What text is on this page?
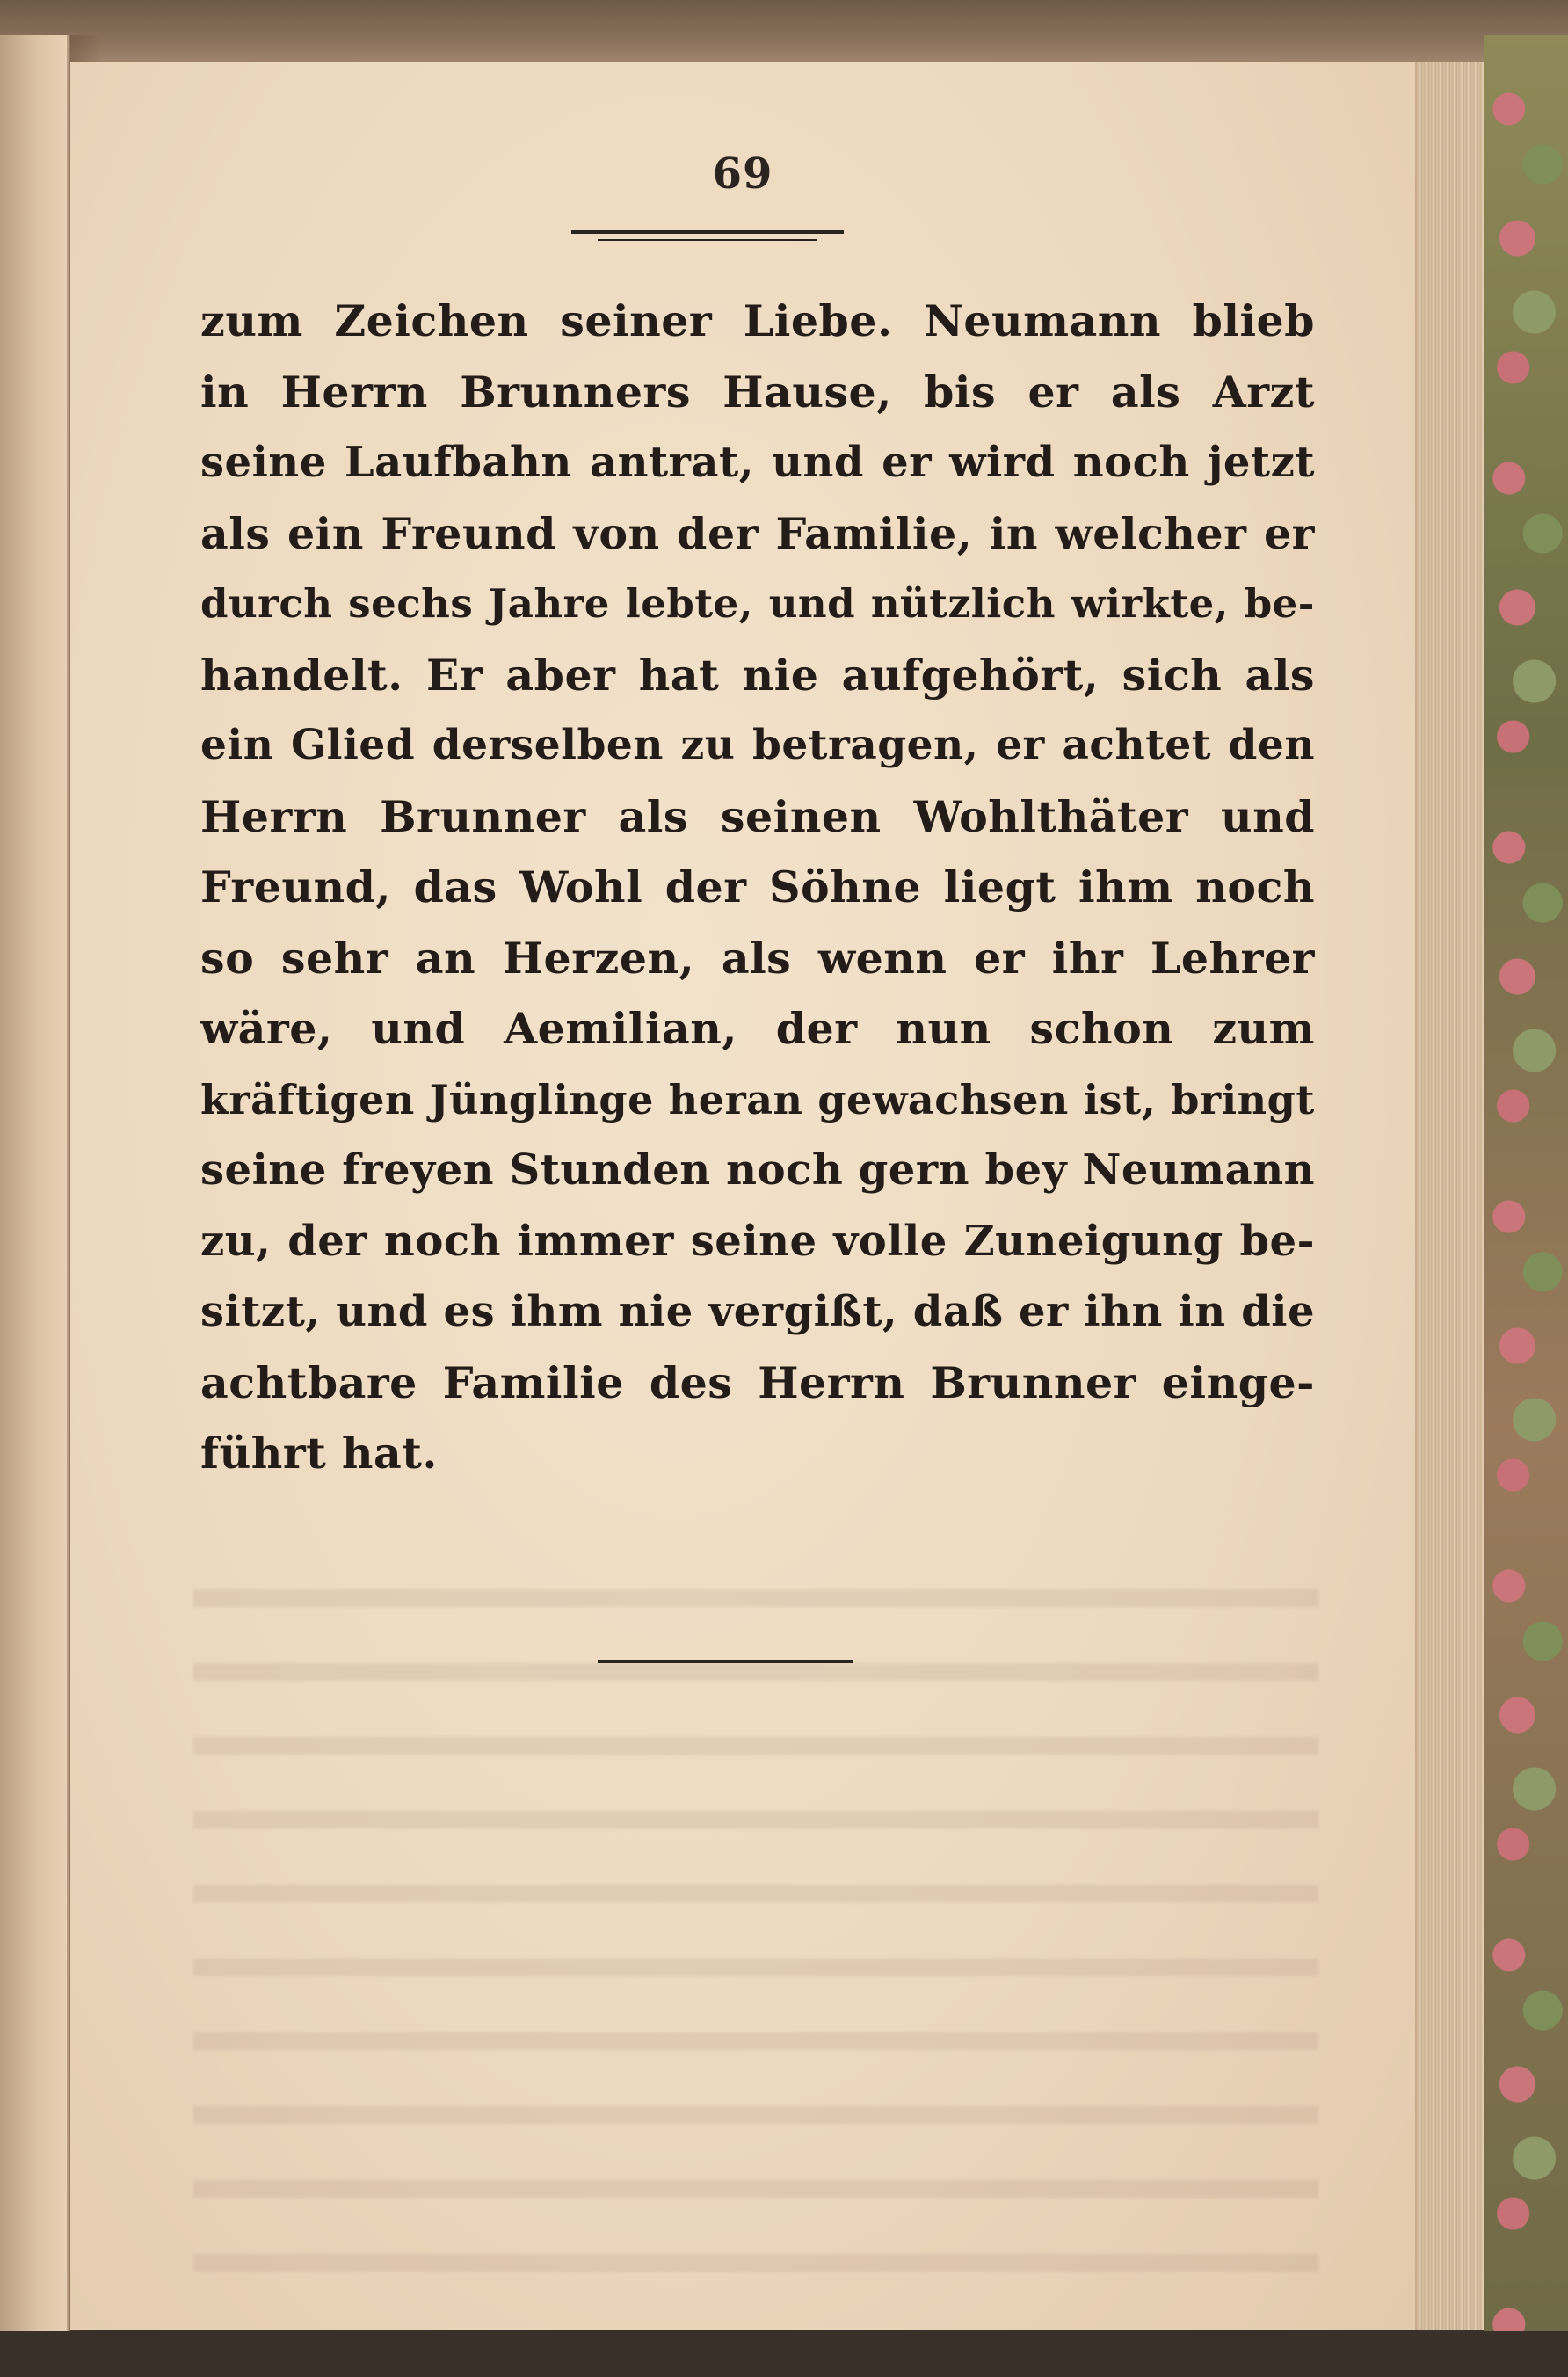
69
zum Zeichen seiner Liebe. Neumann blieb
in Herrn Brunners Hause, bis er als Arzt
seine Laufbahn antrat, und er wird noch jetzt
als ein Freund von der Familie, in welcher er
durch sechs Jahre lebte, und nützlich wirkte, be-
handelt. Er aber hat nie aufgehört, sich als
ein Glied derselben zu betragen, er achtet den
Herrn Brunner als seinen Wohlthäter und
Freund, das Wohl der Söhne liegt ihm noch
so sehr an Herzen, als wenn er ihr Lehrer
wäre, und Aemilian, der nun schon zum
kräftigen Jünglinge heran gewachsen ist, bringt
seine freyen Stunden noch gern bey Neumann
zu, der noch immer seine volle Zuneigung be-
sitzt, und es ihm nie vergißt, daß er ihn in die
achtbare Familie des Herrn Brunner einge-
führt hat.
